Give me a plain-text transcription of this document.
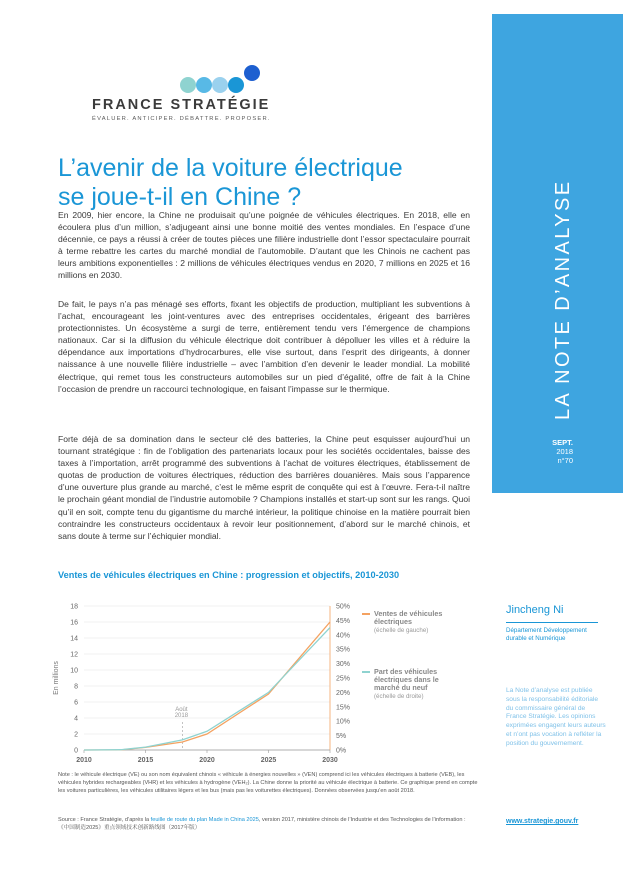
FRANCE STRATÉGIE
ÉVALUER. ANTICIPER. DÉBATTRE. PROPOSER.
L’avenir de la voiture électrique
se joue-t-il en Chine ?

En 2009, hier encore, la Chine ne produisait qu’une poignée de véhicules électriques. En 2018, elle en écoulera plus d’un million, s’adjugeant ainsi une bonne moitié des ventes mondiales. En l’espace d’une décennie, ce pays a réussi à créer de toutes pièces une filière industrielle dont l’essor spectaculaire pourrait à terme rebattre les cartes du marché mondial de l’automobile. D’autant que les Chinois ne cachent pas leurs ambitions exponentielles : 2 millions de véhicules électriques vendus en 2020, 7 millions en 2025 et 16 millions en 2030.

De fait, le pays n’a pas ménagé ses efforts, fixant les objectifs de production, multipliant les subventions à l’achat, encourageant les joint-ventures avec des entreprises occidentales, érigeant des barrières protectionnistes. Un écosystème a surgi de terre, entièrement tendu vers l’émergence de champions nationaux. Car si la diffusion du véhicule électrique doit contribuer à dépolluer les villes et à réduire la dépendance aux importations d’hydrocarbures, elle vise surtout, dans l’esprit des dirigeants, à donner naissance à une nouvelle filière industrielle – avec l’ambition d’en devenir le leader mondial. La mobilité électrique, qui remet tous les constructeurs automobiles sur un pied d’égalité, offre de fait à la Chine l’occasion de prendre un raccourci technologique, en faisant l’impasse sur le thermique.

Forte déjà de sa domination dans le secteur clé des batteries, la Chine peut esquisser aujourd’hui un tournant stratégique : fin de l’obligation des partenariats locaux pour les sociétés occidentales, baisse des taxes à l’importation, arrêt programmé des subventions à l’achat de voitures électriques, établissement de quotas de production de voitures électriques, réduction des barrières douanières. Mais sous l’apparence d’une ouverture plus grande au marché, c’est le même esprit de conquête qui est à l’œuvre. Fera-t-il naître le prochain géant mondial de l’industrie automobile ? Champions installés et start-up sont sur les rangs. Quoi qu’il en soit, compte tenu du gigantisme du marché intérieur, la politique chinoise en la matière pourrait bien contraindre les constructeurs occidentaux à revoir leur positionnement, d’abord sur le marché chinois, et sans doute à terme sur l’échiquier mondial.

LA NOTE D’ANALYSE
SEPT.
2018
n°70
Ventes de véhicules électriques en Chine : progression et objectifs, 2010-2030
0
2
4
6
8
10
12
14
16
18
0%
5%
10%
15%
20%
25%
30%
35%
40%
45%
50%
2010	2015	2020	2025	2030
En millions
Août
2018
Ventes de véhicules
électriques
(échelle de gauche)
Part des véhicules
électriques dans le
marché du neuf
(échelle de droite)

Note : le véhicule électrique (VE) ou son nom équivalent chinois « véhicule à énergies nouvelles » (VEN) comprend ici les véhicules électriques à batterie (VEB), les véhicules hybrides rechargeables (VHR) et les véhicules à hydrogène (VEH₂). La Chine donne la priorité au véhicule électrique à batterie. Ce graphique prend en compte les voitures particulières, les véhicules utilitaires légers et les bus (mais pas les voiturettes électriques). Données observées jusqu’en août 2018.

Source : France Stratégie, d’après la feuille de route du plan Made in China 2025, version 2017, ministère chinois de l’Industrie et des Technologies de l’information : 《中国制造2025》重点领域技术创新路线图（2017年版）

Jincheng Ni
Département Développement durable et Numérique
La Note d’analyse est publiée sous la responsabilité éditoriale du commissaire général de France Stratégie. Les opinions exprimées engagent leurs auteurs et n’ont pas vocation à refléter la position du gouvernement.
www.strategie.gouv.fr
